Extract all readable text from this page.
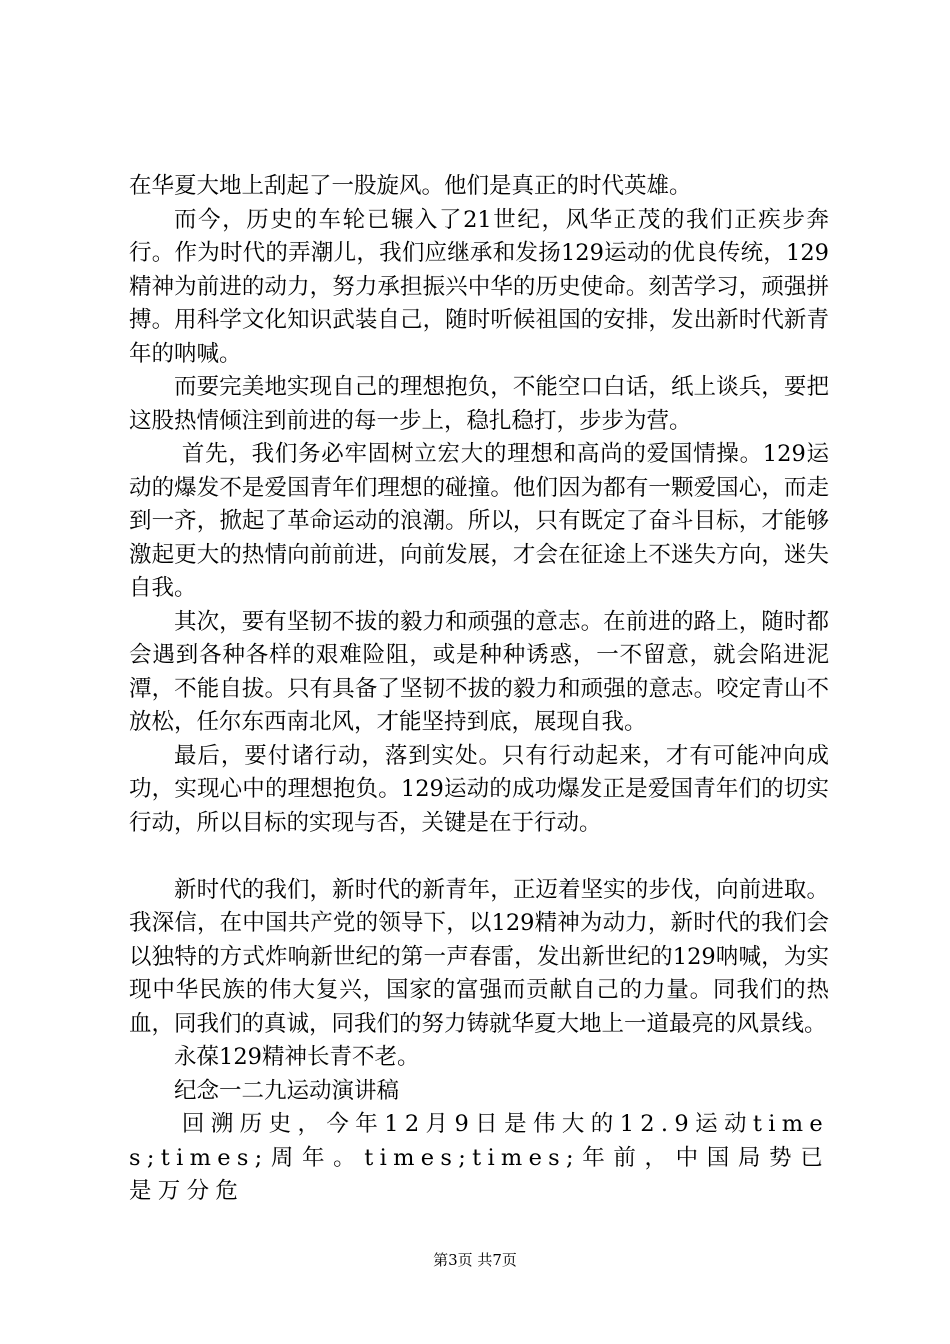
在华夏大地上刮起了一股旋风。他们是真正的时代英雄。

而今，历史的车轮已辗入了21世纪，风华正茂的我们正疾步奔行。作为时代的弄潮儿，我们应继承和发扬129运动的优良传统，129精神为前进的动力，努力承担振兴中华的历史使命。刻苦学习，顽强拼搏。用科学文化知识武装自己，随时听候祖国的安排，发出新时代新青年的呐喊。

而要完美地实现自己的理想抱负，不能空口白话，纸上谈兵，要把这股热情倾注到前进的每一步上，稳扎稳打，步步为营。

首先，我们务必牢固树立宏大的理想和高尚的爱国情操。129运动的爆发不是爱国青年们理想的碰撞。他们因为都有一颗爱国心，而走到一齐，掀起了革命运动的浪潮。所以，只有既定了奋斗目标，才能够激起更大的热情向前前进，向前发展，才会在征途上不迷失方向，迷失自我。

其次，要有坚韧不拔的毅力和顽强的意志。在前进的路上，随时都会遇到各种各样的艰难险阻，或是种种诱惑，一不留意，就会陷进泥潭，不能自拔。只有具备了坚韧不拔的毅力和顽强的意志。咬定青山不放松，任尔东西南北风，才能坚持到底，展现自我。

最后，要付诸行动，落到实处。只有行动起来，才有可能冲向成功，实现心中的理想抱负。129运动的成功爆发正是爱国青年们的切实行动，所以目标的实现与否，关键是在于行动。

新时代的我们，新时代的新青年，正迈着坚实的步伐，向前进取。我深信，在中国共产党的领导下，以129精神为动力，新时代的我们会以独特的方式炸响新世纪的第一声春雷，发出新世纪的129呐喊，为实现中华民族的伟大复兴，国家的富强而贡献自己的力量。同我们的热血，同我们的真诚，同我们的努力铸就华夏大地上一道最亮的风景线。

永葆129精神长青不老。

纪念一二九运动演讲稿

回溯历史，今年12月9日是伟大的12.9运动times;times;周年。times;times;年前，中国局势已是万分危

第3页 共7页
